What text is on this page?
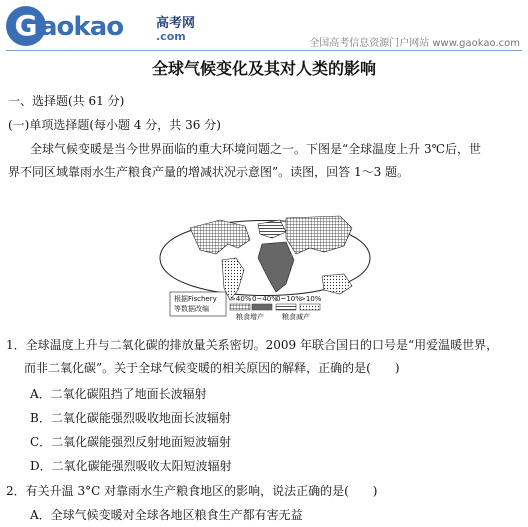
G aokao	高考网
.com
全国高考信息资源门户网站 www.gaokao.com
全球气候变化及其对人类的影响
一、选择题(共 61 分)
(一)单项选择题(每小题 4 分，共 36 分)
全球气候变暖是当今世界面临的重大环境问题之一。下图是“全球温度上升 3℃后，世
界不同区域靠雨水生产粮食产量的增减状况示意图”。读图，回答 1～3 题。
根据Fischery
等数据改编
>40% 0~40%
0~10%
>10%
粮食增产	粮食减产
1．全球温度上升与二氧化碳的排放量关系密切。2009 年联合国日的口号是“用爱温暖世界，
而非二氧化碳”。关于全球气候变暖的相关原因的解释，正确的是(　　)
A．二氧化碳阻挡了地面长波辐射
B．二氧化碳能强烈吸收地面长波辐射
C．二氧化碳能强烈反射地面短波辐射
D．二氧化碳能强烈吸收太阳短波辐射
2．有关升温 3°C 对靠雨水生产粮食地区的影响，说法正确的是(　　)
A．全球气候变暖对全球各地区粮食生产都有害无益
